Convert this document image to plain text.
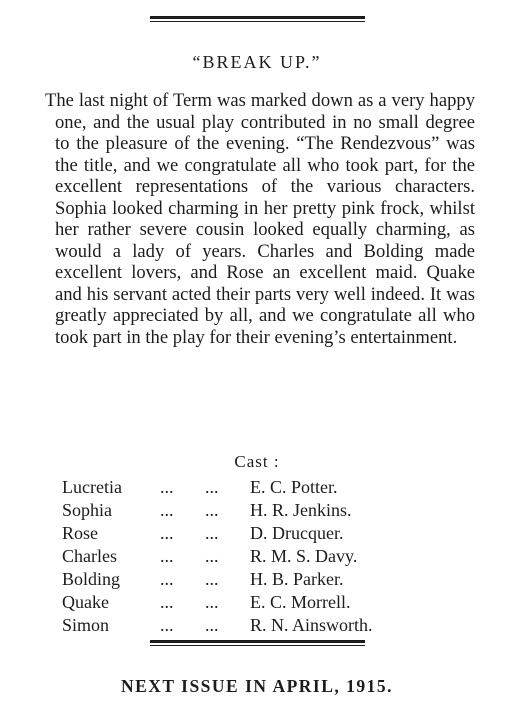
“BREAK UP.”

The last night of Term was marked down as a very happy one, and the usual play contributed in no small degree to the pleasure of the evening. “The Rendezvous” was the title, and we congratulate all who took part, for the excellent representations of the various characters. Sophia looked charming in her pretty pink frock, whilst her rather severe cousin looked equally charming, as would a lady of years. Charles and Bolding made excellent lovers, and Rose an excellent maid. Quake and his servant acted their parts very well indeed. It was greatly appreciated by all, and we congratulate all who took part in the play for their evening’s entertainment.

Cast :
Lucretia	...	...	E. C. Potter.
Sophia	...	...	H. R. Jenkins.
Rose	...	...	D. Drucquer.
Charles	...	...	R. M. S. Davy.
Bolding	...	...	H. B. Parker.
Quake	...	...	E. C. Morrell.
Simon	...	...	R. N. Ainsworth.
NEXT ISSUE IN APRIL, 1915.
